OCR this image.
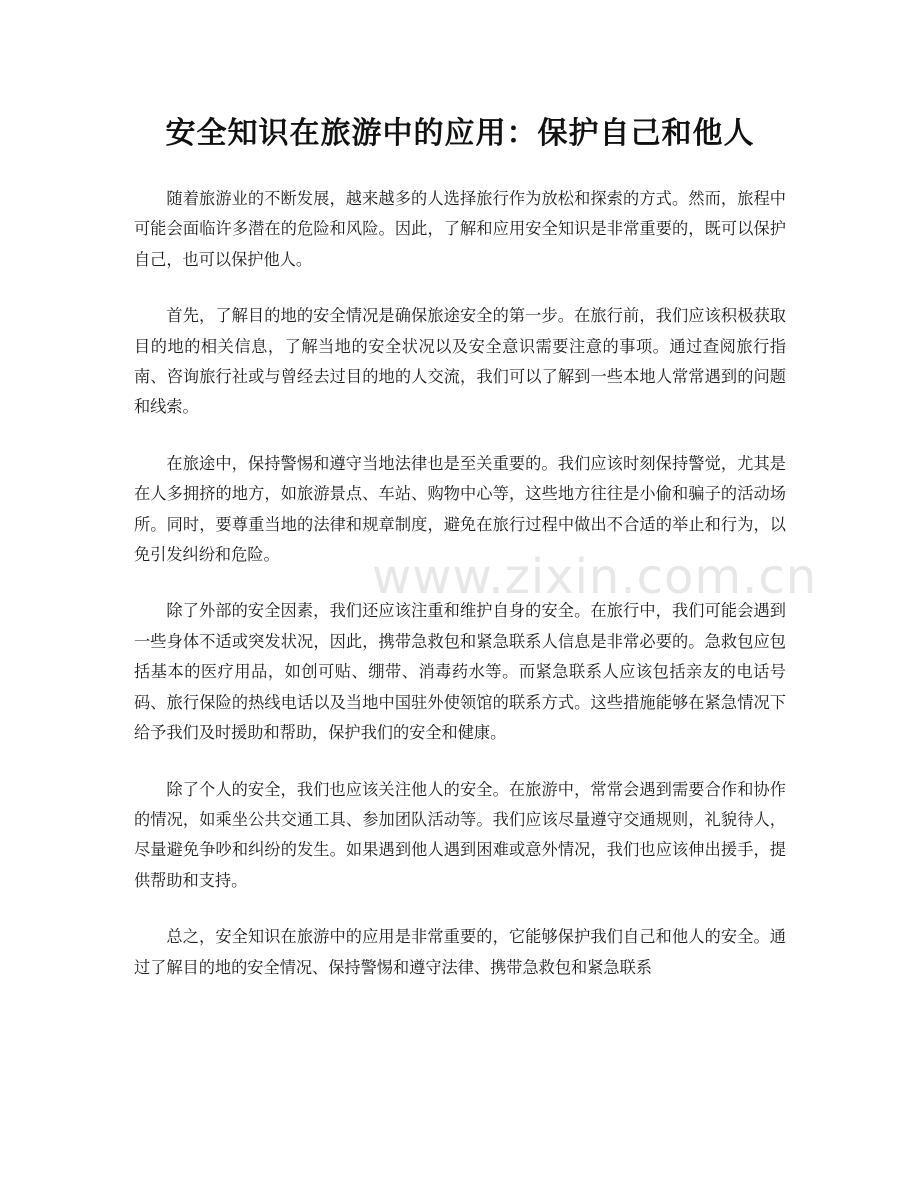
安全知识在旅游中的应用：保护自己和他人

随着旅游业的不断发展，越来越多的人选择旅行作为放松和探索的方式。然而，旅程中可能会面临许多潜在的危险和风险。因此，了解和应用安全知识是非常重要的，既可以保护自己，也可以保护他人。

首先，了解目的地的安全情况是确保旅途安全的第一步。在旅行前，我们应该积极获取目的地的相关信息，了解当地的安全状况以及安全意识需要注意的事项。通过查阅旅行指南、咨询旅行社或与曾经去过目的地的人交流，我们可以了解到一些本地人常常遇到的问题和线索。

在旅途中，保持警惕和遵守当地法律也是至关重要的。我们应该时刻保持警觉，尤其是在人多拥挤的地方，如旅游景点、车站、购物中心等，这些地方往往是小偷和骗子的活动场所。同时，要尊重当地的法律和规章制度，避免在旅行过程中做出不合适的举止和行为，以免引发纠纷和危险。

除了外部的安全因素，我们还应该注重和维护自身的安全。在旅行中，我们可能会遇到一些身体不适或突发状况，因此，携带急救包和紧急联系人信息是非常必要的。急救包应包括基本的医疗用品，如创可贴、绷带、消毒药水等。而紧急联系人应该包括亲友的电话号码、旅行保险的热线电话以及当地中国驻外使领馆的联系方式。这些措施能够在紧急情况下给予我们及时援助和帮助，保护我们的安全和健康。

除了个人的安全，我们也应该关注他人的安全。在旅游中，常常会遇到需要合作和协作的情况，如乘坐公共交通工具、参加团队活动等。我们应该尽量遵守交通规则，礼貌待人，尽量避免争吵和纠纷的发生。如果遇到他人遇到困难或意外情况，我们也应该伸出援手，提供帮助和支持。

总之，安全知识在旅游中的应用是非常重要的，它能够保护我们自己和他人的安全。通过了解目的地的安全情况、保持警惕和遵守法律、携带急救包和紧急联系

www.zixin.com.cn
